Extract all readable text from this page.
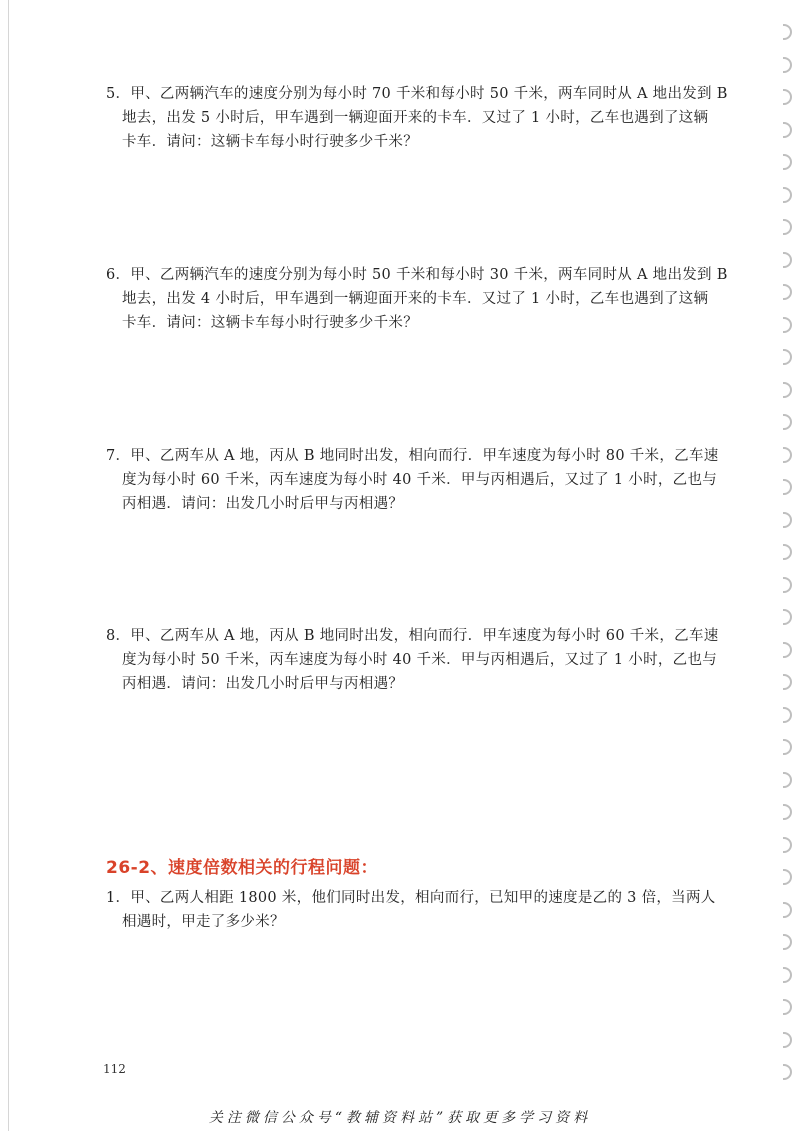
5．甲、乙两辆汽车的速度分别为每小时 70 千米和每小时 50 千米，两车同时从 A 地出发到 B
地去，出发 5 小时后，甲车遇到一辆迎面开来的卡车．又过了 1 小时，乙车也遇到了这辆
卡车．请问：这辆卡车每小时行驶多少千米？
6．甲、乙两辆汽车的速度分别为每小时 50 千米和每小时 30 千米，两车同时从 A 地出发到 B
地去，出发 4 小时后，甲车遇到一辆迎面开来的卡车．又过了 1 小时，乙车也遇到了这辆
卡车．请问：这辆卡车每小时行驶多少千米？
7．甲、乙两车从 A 地，丙从 B 地同时出发，相向而行．甲车速度为每小时 80 千米，乙车速
度为每小时 60 千米，丙车速度为每小时 40 千米．甲与丙相遇后，又过了 1 小时，乙也与
丙相遇．请问：出发几小时后甲与丙相遇？
8．甲、乙两车从 A 地，丙从 B 地同时出发，相向而行．甲车速度为每小时 60 千米，乙车速
度为每小时 50 千米，丙车速度为每小时 40 千米．甲与丙相遇后，又过了 1 小时，乙也与
丙相遇．请问：出发几小时后甲与丙相遇？
26-2、速度倍数相关的行程问题：
1．甲、乙两人相距 1800 米，他们同时出发，相向而行，已知甲的速度是乙的 3 倍，当两人
相遇时，甲走了多少米？
112
关注微信公众号“教辅资料站”获取更多学习资料
